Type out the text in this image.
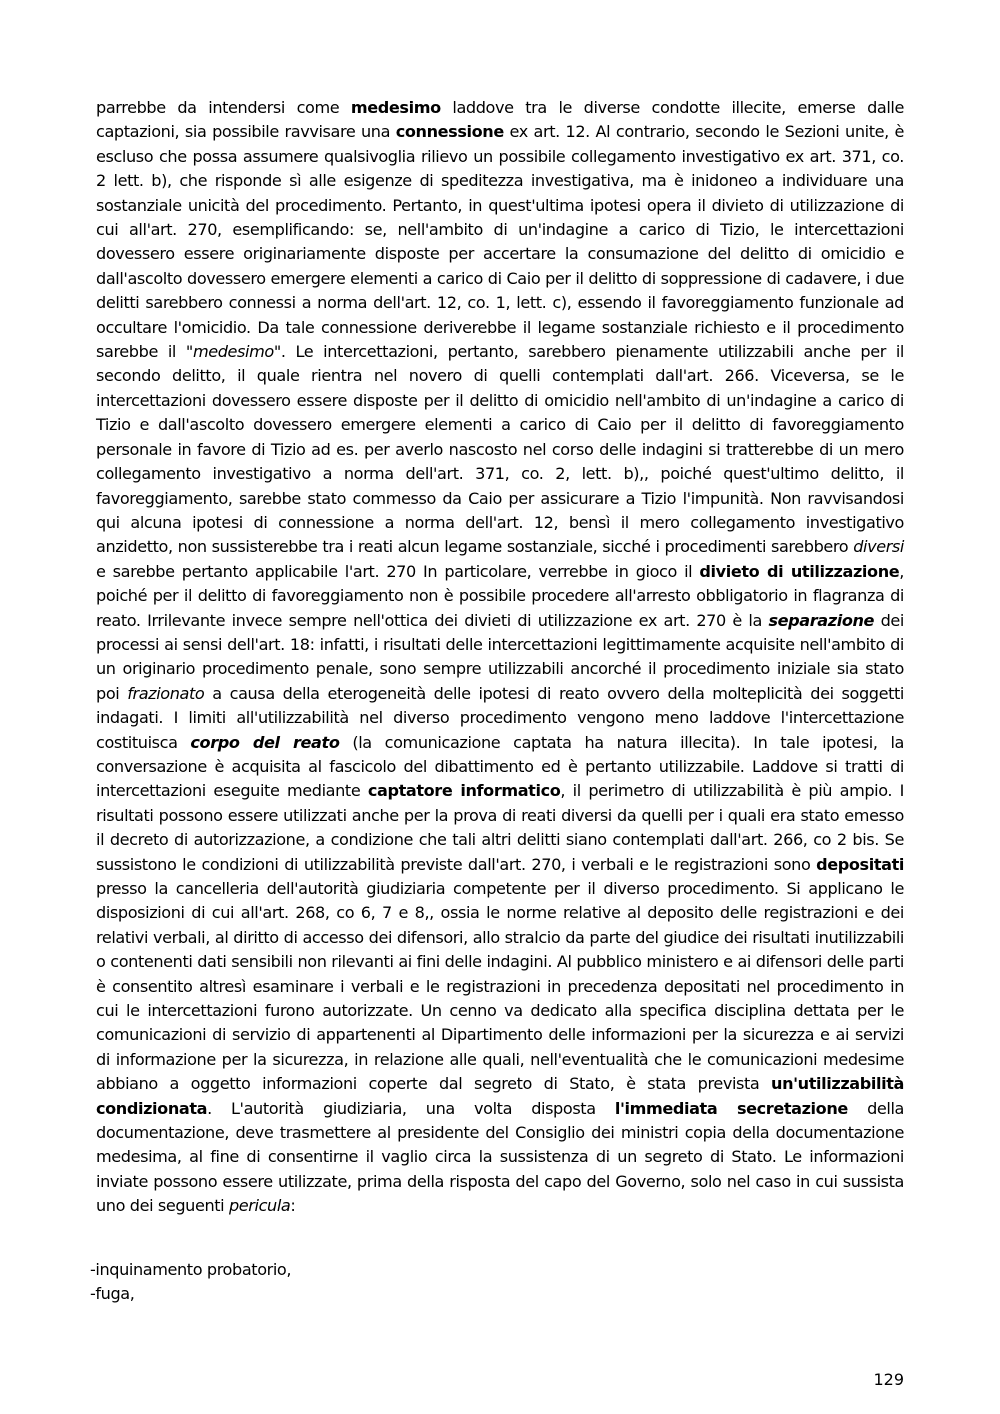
parrebbe da intendersi come medesimo laddove tra le diverse condotte illecite, emerse dalle captazioni, sia possibile ravvisare una connessione ex art. 12. Al contrario, secondo le Sezioni unite, è escluso che possa assumere qualsivoglia rilievo un possibile collegamento investigativo ex art. 371, co. 2 lett. b), che risponde sì alle esigenze di speditezza investigativa, ma è inidoneo a individuare una sostanziale unicità del procedimento. Pertanto, in quest'ultima ipotesi opera il divieto di utilizzazione di cui all'art. 270, esemplificando: se, nell'ambito di un'indagine a carico di Tizio, le intercettazioni dovessero essere originariamente disposte per accertare la consumazione del delitto di omicidio e dall'ascolto dovessero emergere elementi a carico di Caio per il delitto di soppressione di cadavere, i due delitti sarebbero connessi a norma dell'art. 12, co. 1, lett. c), essendo il favoreggiamento funzionale ad occultare l'omicidio. Da tale connessione deriverebbe il legame sostanziale richiesto e il procedimento sarebbe il "medesimo". Le intercettazioni, pertanto, sarebbero pienamente utilizzabili anche per il secondo delitto, il quale rientra nel novero di quelli contemplati dall'art. 266. Viceversa, se le intercettazioni dovessero essere disposte per il delitto di omicidio nell'ambito di un'indagine a carico di Tizio e dall'ascolto dovessero emergere elementi a carico di Caio per il delitto di favoreggiamento personale in favore di Tizio ad es. per averlo nascosto nel corso delle indagini si tratterebbe di un mero collegamento investigativo a norma dell'art. 371, co. 2, lett. b),, poiché quest'ultimo delitto, il favoreggiamento, sarebbe stato commesso da Caio per assicurare a Tizio l'impunità. Non ravvisandosi qui alcuna ipotesi di connessione a norma dell'art. 12, bensì il mero collegamento investigativo anzidetto, non sussisterebbe tra i reati alcun legame sostanziale, sicché i procedimenti sarebbero diversi e sarebbe pertanto applicabile l'art. 270 In particolare, verrebbe in gioco il divieto di utilizzazione, poiché per il delitto di favoreggiamento non è possibile procedere all'arresto obbligatorio in flagranza di reato. Irrilevante invece sempre nell'ottica dei divieti di utilizzazione ex art. 270 è la separazione dei processi ai sensi dell'art. 18: infatti, i risultati delle intercettazioni legittimamente acquisite nell'ambito di un originario procedimento penale, sono sempre utilizzabili ancorché il procedimento iniziale sia stato poi frazionato a causa della eterogeneità delle ipotesi di reato ovvero della molteplicità dei soggetti indagati. I limiti all'utilizzabilità nel diverso procedimento vengono meno laddove l'intercettazione costituisca corpo del reato (la comunicazione captata ha natura illecita). In tale ipotesi, la conversazione è acquisita al fascicolo del dibattimento ed è pertanto utilizzabile. Laddove si tratti di intercettazioni eseguite mediante captatore informatico, il perimetro di utilizzabilità è più ampio. I risultati possono essere utilizzati anche per la prova di reati diversi da quelli per i quali era stato emesso il decreto di autorizzazione, a condizione che tali altri delitti siano contemplati dall'art. 266, co 2 bis. Se sussistono le condizioni di utilizzabilità previste dall'art. 270, i verbali e le registrazioni sono depositati presso la cancelleria dell'autorità giudiziaria competente per il diverso procedimento. Si applicano le disposizioni di cui all'art. 268, co 6, 7 e 8,, ossia le norme relative al deposito delle registrazioni e dei relativi verbali, al diritto di accesso dei difensori, allo stralcio da parte del giudice dei risultati inutilizzabili o contenenti dati sensibili non rilevanti ai fini delle indagini. Al pubblico ministero e ai difensori delle parti è consentito altresì esaminare i verbali e le registrazioni in precedenza depositati nel procedimento in cui le intercettazioni furono autorizzate. Un cenno va dedicato alla specifica disciplina dettata per le comunicazioni di servizio di appartenenti al Dipartimento delle informazioni per la sicurezza e ai servizi di informazione per la sicurezza, in relazione alle quali, nell'eventualità che le comunicazioni medesime abbiano a oggetto informazioni coperte dal segreto di Stato, è stata prevista un'utilizzabilità condizionata. L'autorità giudiziaria, una volta disposta l'immediata secretazione della documentazione, deve trasmettere al presidente del Consiglio dei ministri copia della documentazione medesima, al fine di consentirne il vaglio circa la sussistenza di un segreto di Stato. Le informazioni inviate possono essere utilizzate, prima della risposta del capo del Governo, solo nel caso in cui sussista uno dei seguenti pericula:

-inquinamento probatorio,
-fuga,
129
